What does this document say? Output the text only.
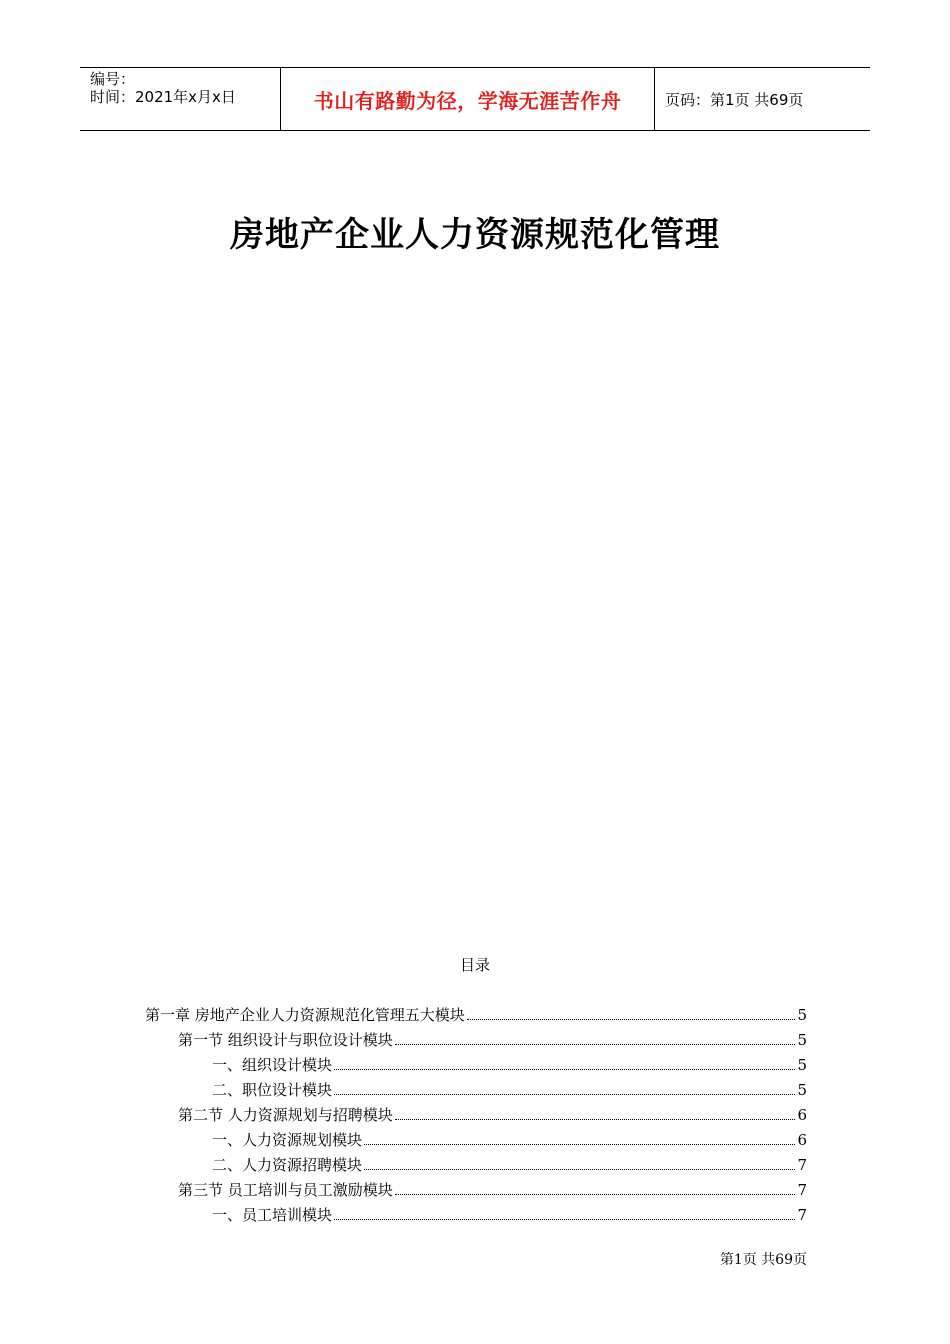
编号：
时间：2021年x月x日	书山有路勤为径，学海无涯苦作舟	页码：第1页 共69页
房地产企业人力资源规范化管理
目录
第一章 房地产企业人力资源规范化管理五大模块	5
第一节 组织设计与职位设计模块	5
一、组织设计模块	5
二、职位设计模块	5
第二节 人力资源规划与招聘模块	6
一、人力资源规划模块	6
二、人力资源招聘模块	7
第三节 员工培训与员工激励模块	7
一、员工培训模块	7
第1页 共69页
